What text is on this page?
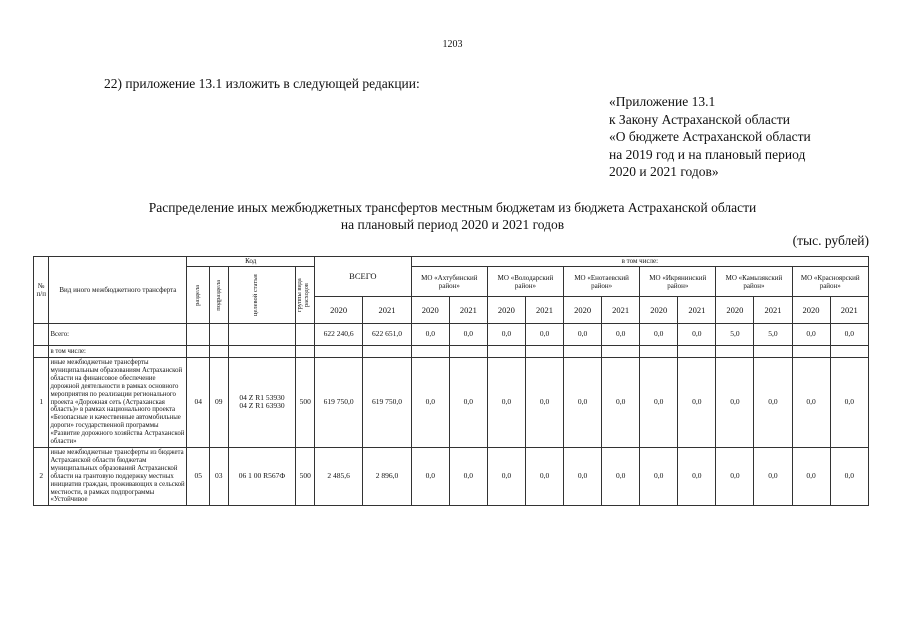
1203
22) приложение 13.1 изложить в следующей редакции:
«Приложение 13.1
к Закону Астраханской области
«О бюджете Астраханской области
на 2019 год и на плановый период
2020 и 2021 годов»
Распределение иных межбюджетных трансфертов местным бюджетам из бюджета Астраханской области
на плановый период 2020 и 2021 годов
(тыс. рублей)
№ п/п	Вид иного межбюджетного трансферта	Код				ВСЕГО		в том числе:											

		раздела	подраздела	целевой статьи	группы вида расходов			МО «Ахтубинский район»		МО «Володарский район»		МО «Енотаевский район»		МО «Икрянинский район»		МО «Камызякский район»		МО «Красноярский район»	
						2020	2021	2020	2021	2020	2021	2020	2021	2020	2021	2020	2021	2020	2021
	Всего:					622 240,6	622 651,0	0,0	0,0	0,0	0,0	0,0	0,0	0,0	0,0	5,0	5,0	0,0	0,0
	в том числе:																		
1	иные межбюджетные трансферты муниципальным образованиям Астраханской области на финансовое обеспечение дорожной деятельности в рамках основного мероприятия по реализации регионального проекта «Дорожная сеть (Астраханская область)» в рамках национального проекта «Безопасные и качественные автомобильные дороги» государственной программы «Развитие дорожного хозяйства Астраханской области»	04	09	04 Z R1 53930
04 Z R1 63930	500	619 750,0	619 750,0	0,0	0,0	0,0	0,0	0,0	0,0	0,0	0,0	0,0	0,0	0,0	0,0
2	иные межбюджетные трансферты из бюджета Астраханской области бюджетам муниципальных образований Астраханской области на грантовую поддержку местных инициатив граждан, проживающих в сельской местности, в рамках подпрограммы «Устойчивое	05	03	06 1 00 R567Ф	500	2 485,6	2 896,0	0,0	0,0	0,0	0,0	0,0	0,0	0,0	0,0	0,0	0,0	0,0	0,0
